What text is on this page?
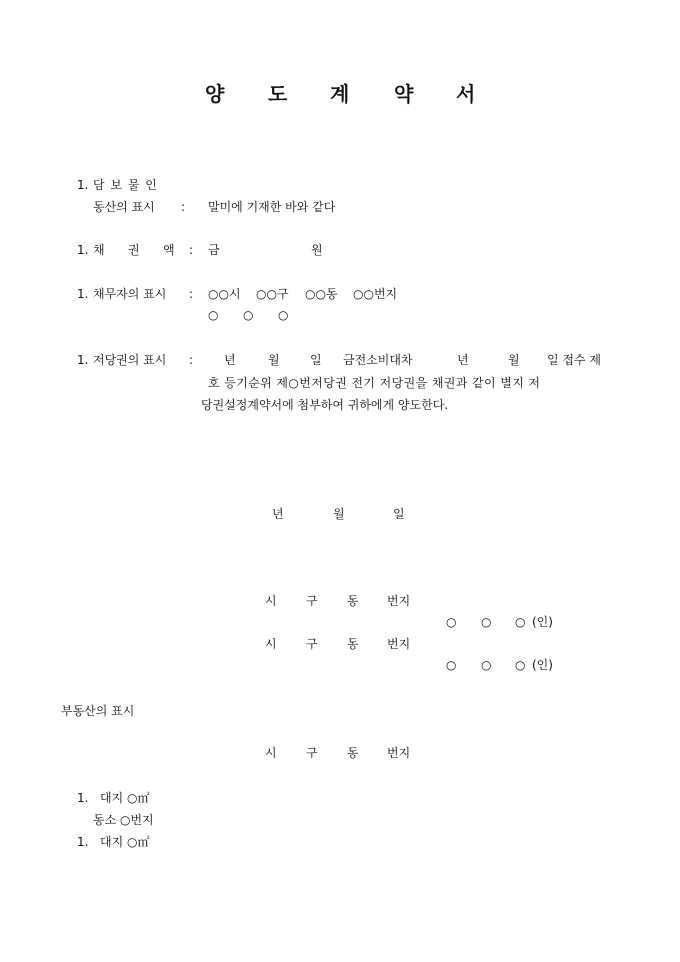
양 도 계 약 서
1. 담 보 물 인
동산의 표시 : 말미에 기재한 바와 같다
1. 채 권 액 : 금	원
1. 채무자의 표시 : ○○시 ○○구 ○○동 ○○번지
○ ○ ○
1. 저당권의 표시 :	년	월	일 금전소비대차	년	월 일 접수 제
호 등기순위 제○번저당권 전기 저당권을 채권과 같이 별지 저
당권설정계약서에 첨부하여 귀하에게 양도한다.
년	월	일
시 구 동 번지
○ ○ ○ (인)
시 구 동 번지
○ ○ ○ (인)
부동산의 표시
시 구 동 번지
1. 대지 ○㎡
동소 ○번지
1. 대지 ○㎡
